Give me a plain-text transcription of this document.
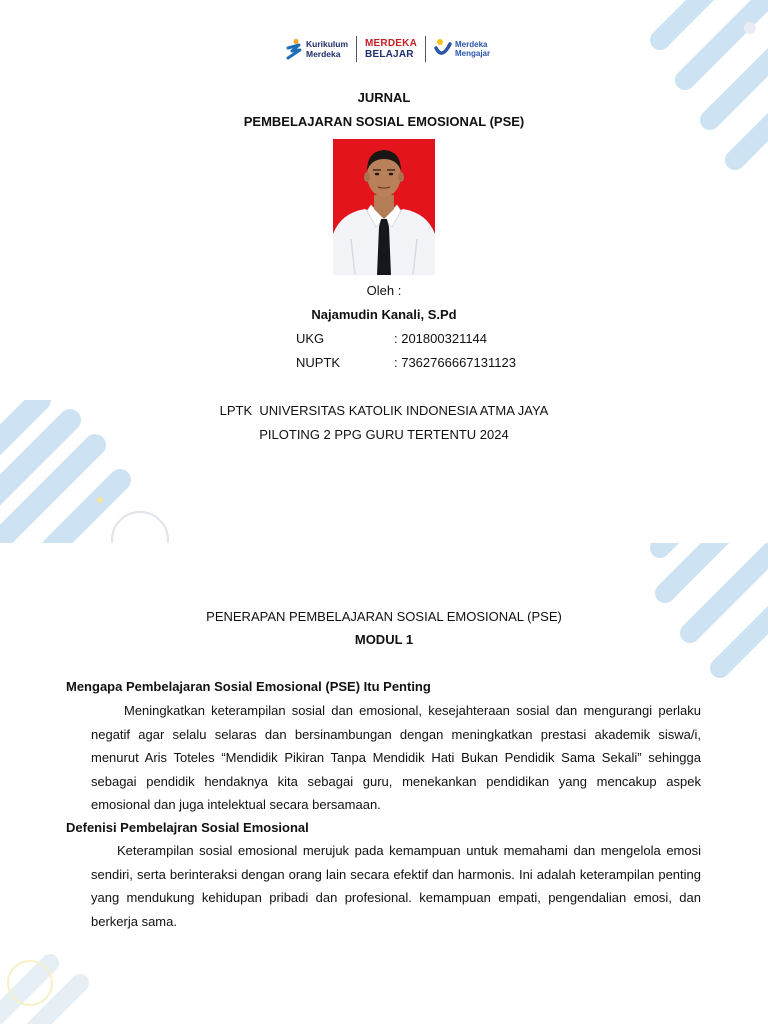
Kurikulum
Merdeka
MERDEKA
BELAJAR
Merdeka
Mengajar
JURNAL
PEMBELAJARAN SOSIAL EMOSIONAL (PSE)
Oleh :
Najamudin Kanali, S.Pd
UKG	: 201800321144
NUPTK	: 7362766667131123
LPTK  UNIVERSITAS KATOLIK INDONESIA ATMA JAYA
PILOTING 2 PPG GURU TERTENTU 2024
PENERAPAN PEMBELAJARAN SOSIAL EMOSIONAL (PSE)
MODUL 1
Mengapa Pembelajaran Sosial Emosional (PSE) Itu Penting

Meningkatkan keterampilan sosial dan emosional, kesejahteraan sosial dan mengurangi perlaku negatif agar selalu selaras dan bersinambungan dengan meningkatkan prestasi akademik siswa/i, menurut Aris Toteles “Mendidik Pikiran Tanpa Mendidik Hati Bukan Pendidik Sama Sekali” sehingga sebagai pendidik hendaknya kita sebagai guru, menekankan pendidikan yang mencakup aspek emosional dan juga intelektual secara bersamaan.

Defenisi Pembelajran Sosial Emosional

Keterampilan sosial emosional merujuk pada kemampuan untuk memahami dan mengelola emosi sendiri, serta berinteraksi dengan orang lain secara efektif dan harmonis. Ini adalah keterampilan penting yang mendukung kehidupan pribadi dan profesional. kemampuan empati, pengendalian emosi, dan berkerja sama.
